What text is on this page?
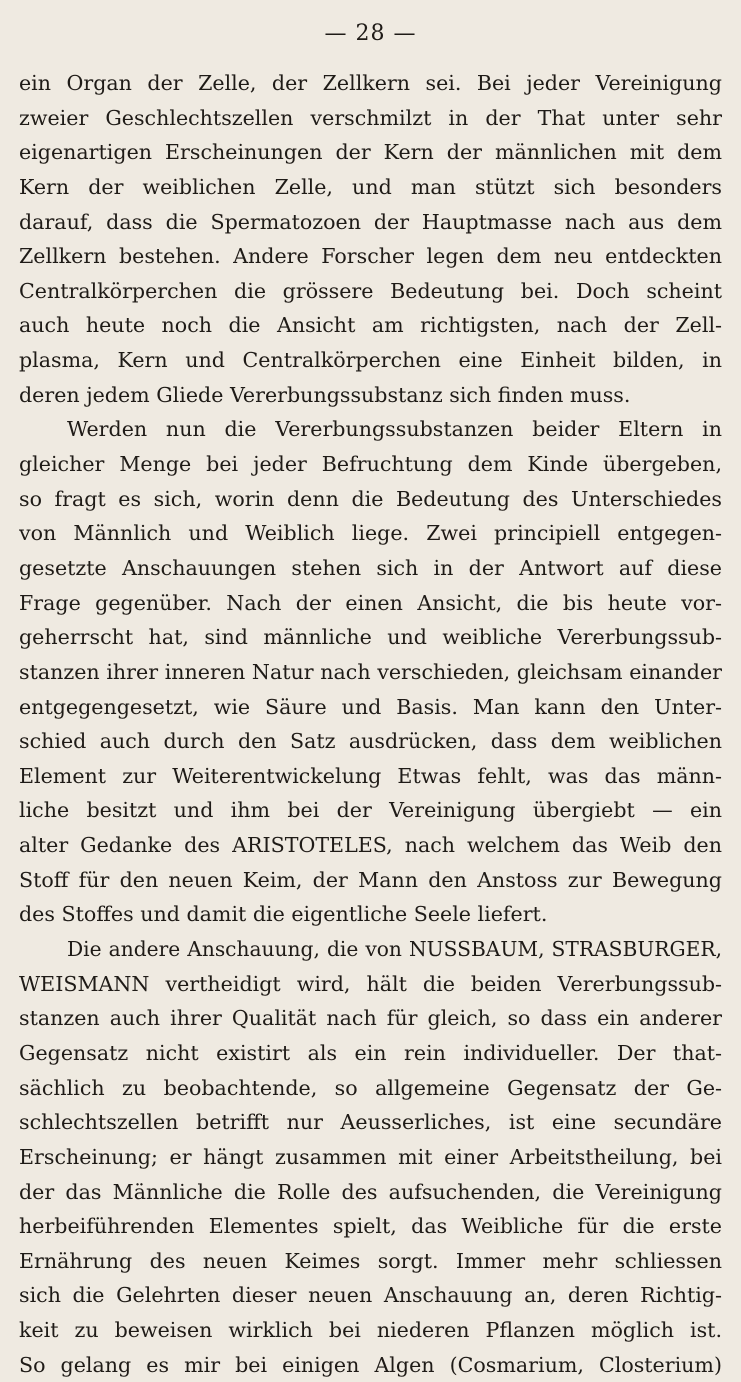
— 28 —
ein Organ der Zelle, der Zellkern sei. Bei jeder Vereinigung
zweier Geschlechtszellen verschmilzt in der That unter sehr
eigenartigen Erscheinungen der Kern der männlichen mit dem
Kern der weiblichen Zelle, und man stützt sich besonders
darauf, dass die Spermatozoen der Hauptmasse nach aus dem
Zellkern bestehen. Andere Forscher legen dem neu entdeckten
Centralkörperchen die grössere Bedeutung bei. Doch scheint
auch heute noch die Ansicht am richtigsten, nach der Zell-
plasma, Kern und Centralkörperchen eine Einheit bilden, in
deren jedem Gliede Vererbungssubstanz sich finden muss.
Werden nun die Vererbungssubstanzen beider Eltern in
gleicher Menge bei jeder Befruchtung dem Kinde übergeben,
so fragt es sich, worin denn die Bedeutung des Unterschiedes
von Männlich und Weiblich liege. Zwei principiell entgegen-
gesetzte Anschauungen stehen sich in der Antwort auf diese
Frage gegenüber. Nach der einen Ansicht, die bis heute vor-
geherrscht hat, sind männliche und weibliche Vererbungssub-
stanzen ihrer inneren Natur nach verschieden, gleichsam einander
entgegengesetzt, wie Säure und Basis. Man kann den Unter-
schied auch durch den Satz ausdrücken, dass dem weiblichen
Element zur Weiterentwickelung Etwas fehlt, was das männ-
liche besitzt und ihm bei der Vereinigung übergiebt — ein
alter Gedanke des ARISTOTELES, nach welchem das Weib den
Stoff für den neuen Keim, der Mann den Anstoss zur Bewegung
des Stoffes und damit die eigentliche Seele liefert.
Die andere Anschauung, die von NUSSBAUM, STRASBURGER,
WEISMANN vertheidigt wird, hält die beiden Vererbungssub-
stanzen auch ihrer Qualität nach für gleich, so dass ein anderer
Gegensatz nicht existirt als ein rein individueller. Der that-
sächlich zu beobachtende, so allgemeine Gegensatz der Ge-
schlechtszellen betrifft nur Aeusserliches, ist eine secundäre
Erscheinung; er hängt zusammen mit einer Arbeitstheilung, bei
der das Männliche die Rolle des aufsuchenden, die Vereinigung
herbeiführenden Elementes spielt, das Weibliche für die erste
Ernährung des neuen Keimes sorgt. Immer mehr schliessen
sich die Gelehrten dieser neuen Anschauung an, deren Richtig-
keit zu beweisen wirklich bei niederen Pflanzen möglich ist.
So gelang es mir bei einigen Algen (Cosmarium, Closterium)
